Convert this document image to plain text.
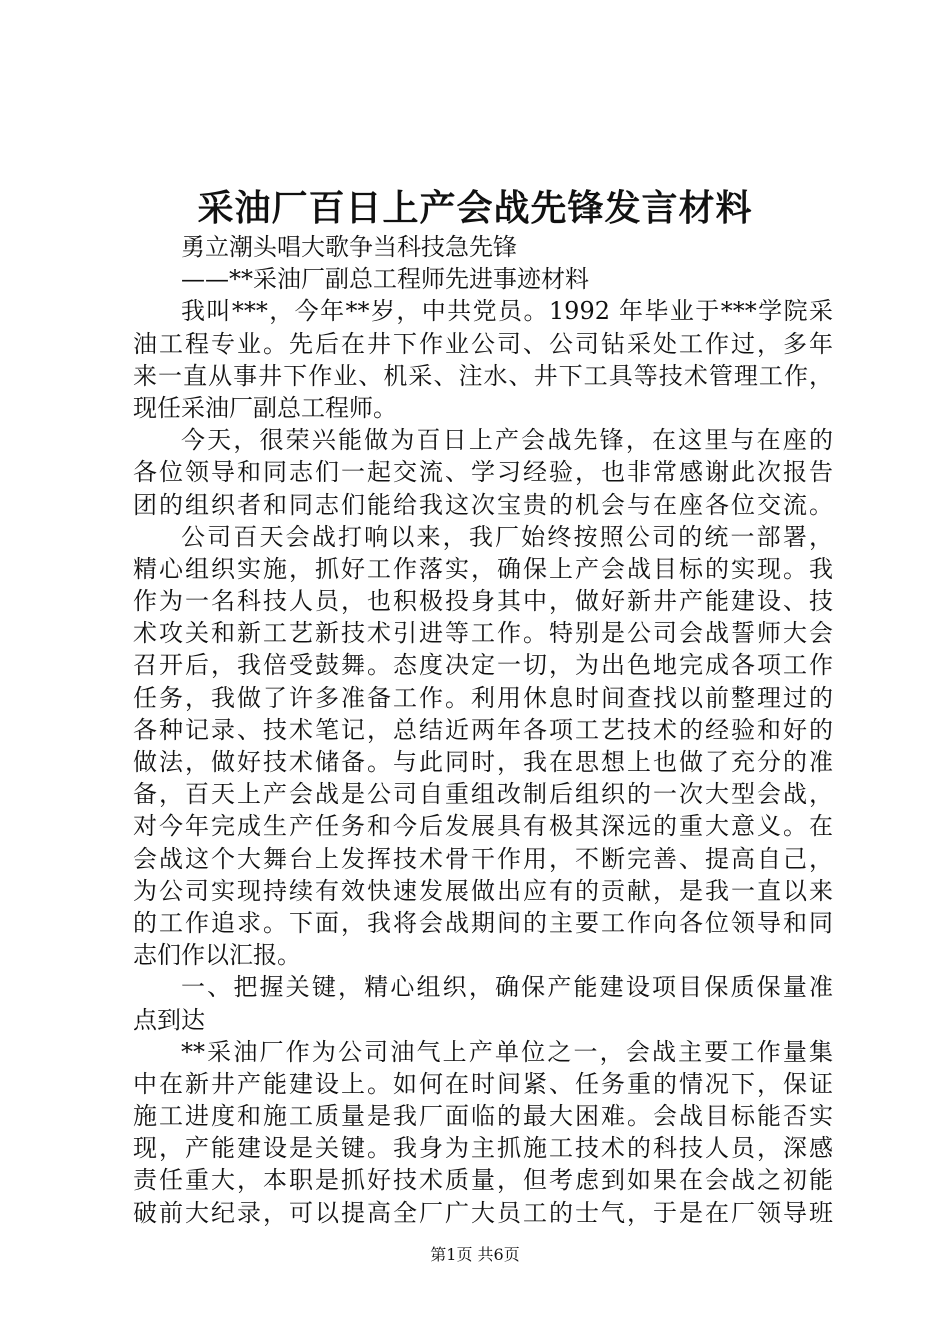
采油厂百日上产会战先锋发言材料
勇立潮头唱大歌争当科技急先锋
——**采油厂副总工程师先进事迹材料
我叫***，今年**岁，中共党员。1992 年毕业于***学院采
油工程专业。先后在井下作业公司、公司钻采处工作过，多年
来一直从事井下作业、机采、注水、井下工具等技术管理工作，
现任采油厂副总工程师。
今天，很荣兴能做为百日上产会战先锋，在这里与在座的
各位领导和同志们一起交流、学习经验，也非常感谢此次报告
团的组织者和同志们能给我这次宝贵的机会与在座各位交流。
公司百天会战打响以来，我厂始终按照公司的统一部署，
精心组织实施，抓好工作落实，确保上产会战目标的实现。我
作为一名科技人员，也积极投身其中，做好新井产能建设、技
术攻关和新工艺新技术引进等工作。特别是公司会战誓师大会
召开后，我倍受鼓舞。态度决定一切，为出色地完成各项工作
任务，我做了许多准备工作。利用休息时间查找以前整理过的
各种记录、技术笔记，总结近两年各项工艺技术的经验和好的
做法，做好技术储备。与此同时，我在思想上也做了充分的准
备，百天上产会战是公司自重组改制后组织的一次大型会战，
对今年完成生产任务和今后发展具有极其深远的重大意义。在
会战这个大舞台上发挥技术骨干作用，不断完善、提高自己，
为公司实现持续有效快速发展做出应有的贡献，是我一直以来
的工作追求。下面，我将会战期间的主要工作向各位领导和同
志们作以汇报。
一、把握关键，精心组织，确保产能建设项目保质保量准
点到达
**采油厂作为公司油气上产单位之一，会战主要工作量集
中在新井产能建设上。如何在时间紧、任务重的情况下，保证
施工进度和施工质量是我厂面临的最大困难。会战目标能否实
现，产能建设是关键。我身为主抓施工技术的科技人员，深感
责任重大，本职是抓好技术质量，但考虑到如果在会战之初能
破前大纪录，可以提高全厂广大员工的士气，于是在厂领导班
第1页 共6页
